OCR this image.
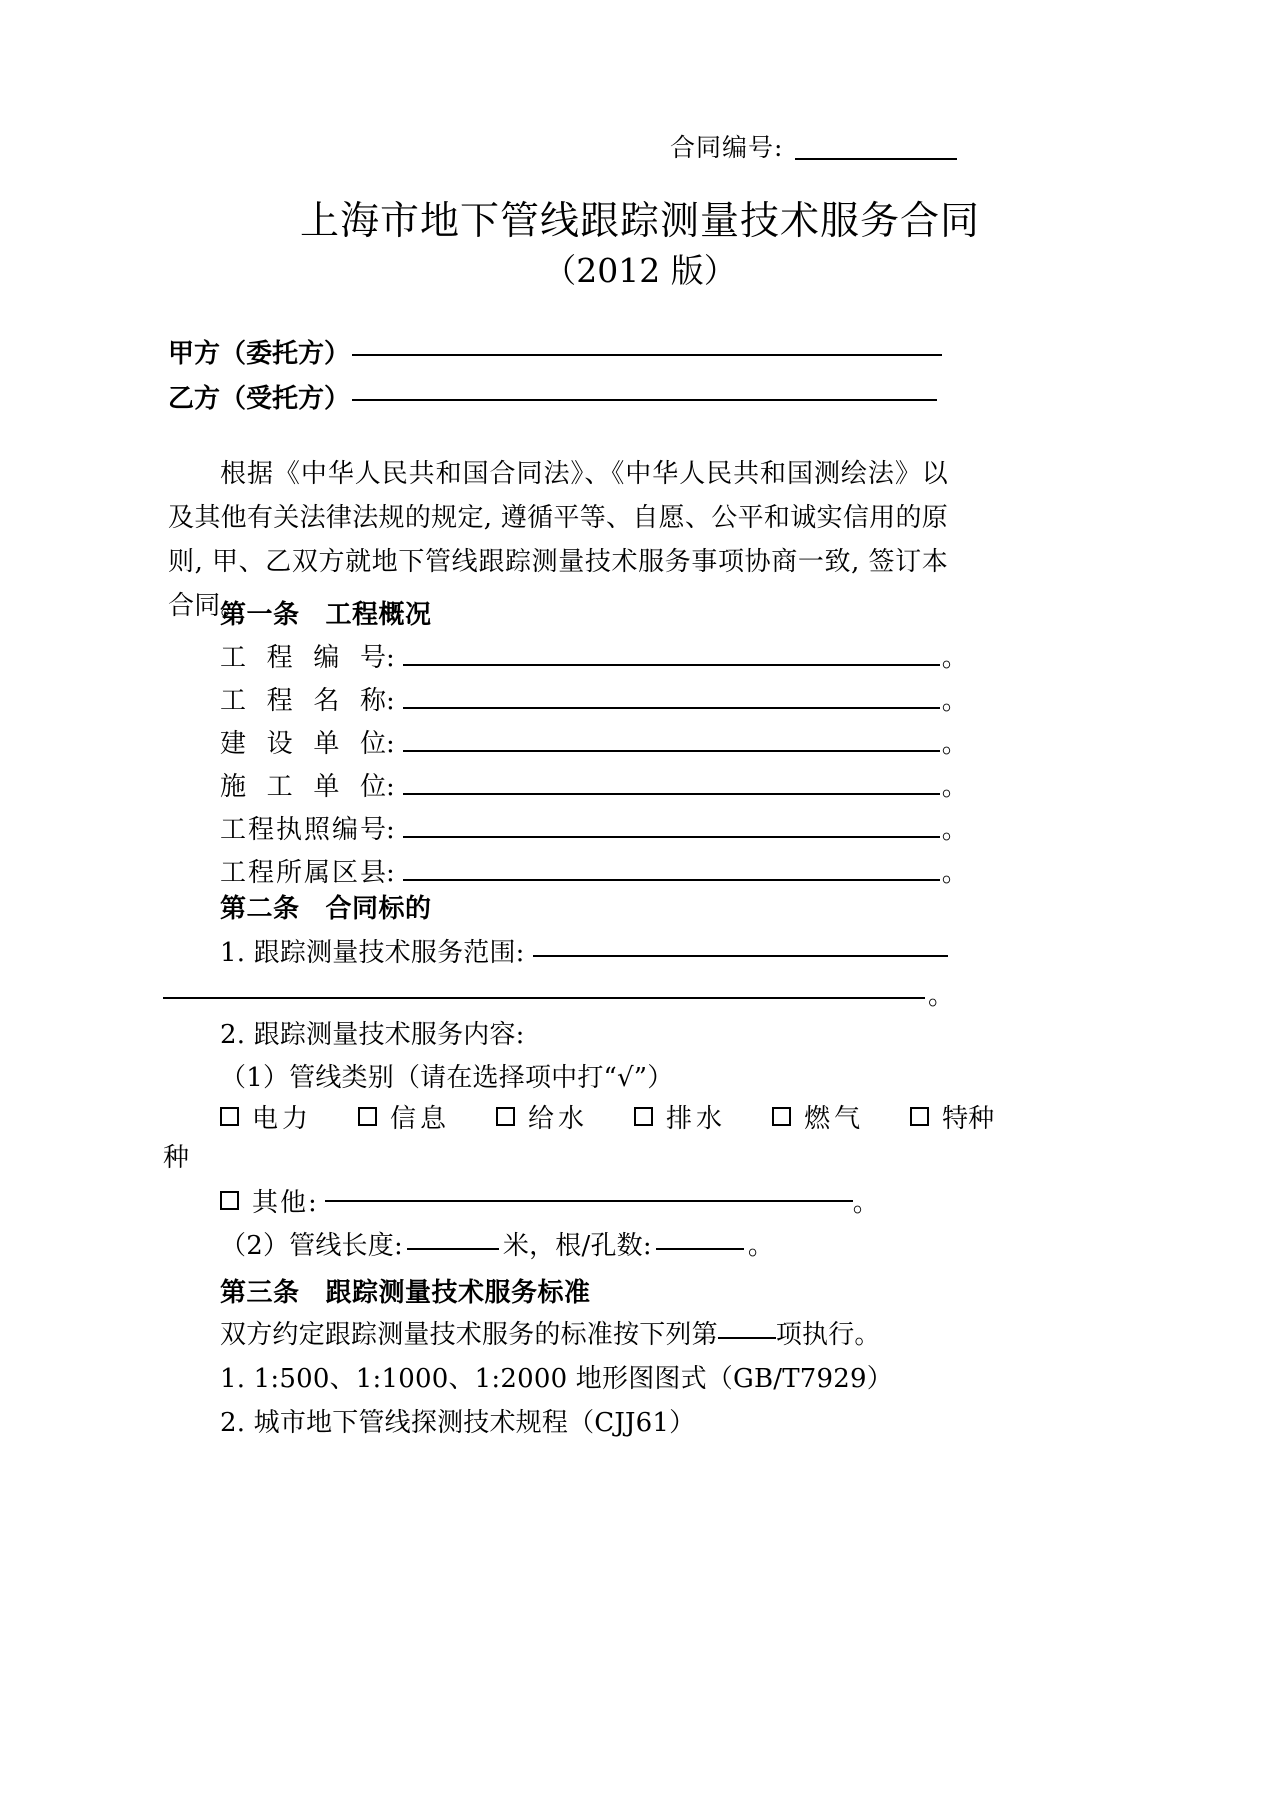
合同编号:
上海市地下管线跟踪测量技术服务合同
（2012 版）
甲方（委托方）
乙方（受托方）
根据《中华人民共和国合同法》、《中华人民共和国测绘法》以及其他有关法律法规的规定, 遵循平等、自愿、公平和诚实信用的原则, 甲、乙双方就地下管线跟踪测量技术服务事项协商一致, 签订本合同。
第一条 工程概况
工程编号 :	。
工程名称 :	。
建设单位 :	。
施工单位 :	。
工程执照编号 :	。
工程所属区县 :	。
第二条 合同标的
1. 跟踪测量技术服务范围:
。
2. 跟踪测量技术服务内容:
（1）管线类别（请在选择项中打“√”）
电力	信息	给水	排水	燃气	特种
种
其他:	。
（2）管线长度:	米，根/孔数:	。
第三条 跟踪测量技术服务标准
双方约定跟踪测量技术服务的标准按下列第 项执行。
1. 1:500、1:1000、1:2000 地形图图式（GB/T7929）
2. 城市地下管线探测技术规程（CJJ61）
